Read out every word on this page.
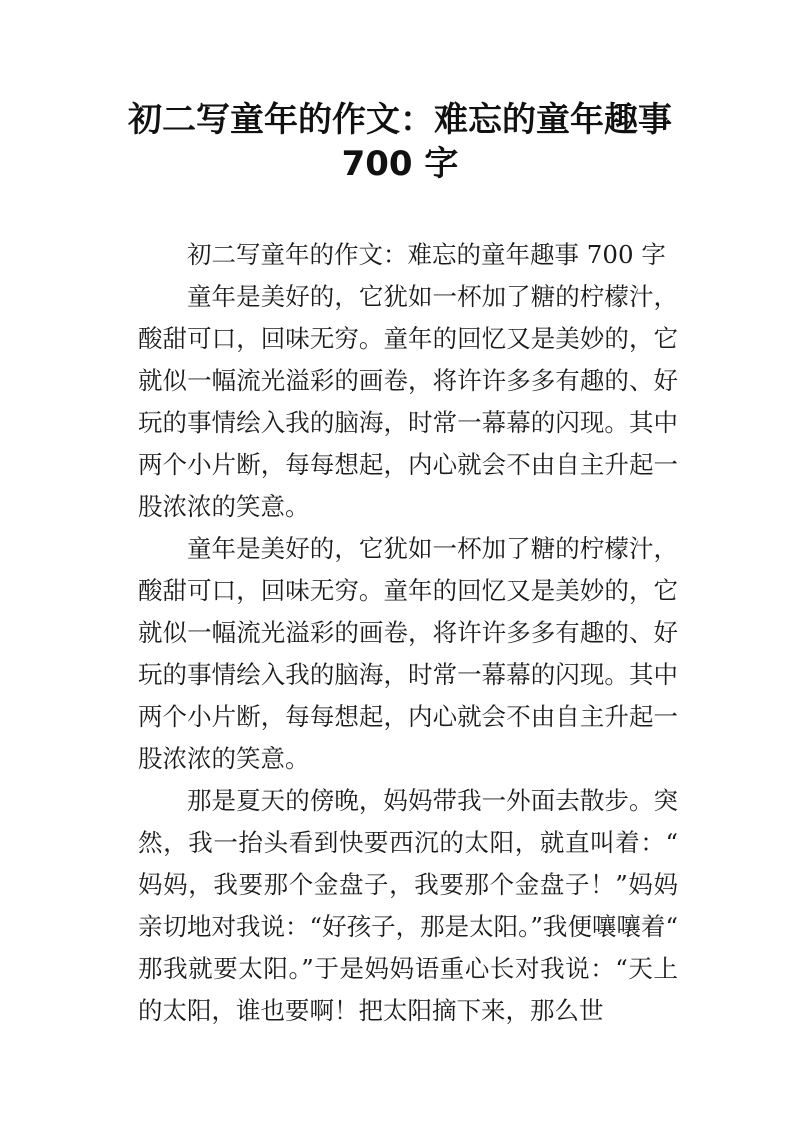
初二写童年的作文：难忘的童年趣事
700 字

初二写童年的作文：难忘的童年趣事 700 字

童年是美好的，它犹如一杯加了糖的柠檬汁，酸甜可口，回味无穷。童年的回忆又是美妙的，它就似一幅流光溢彩的画卷，将许许多多有趣的、好玩的事情绘入我的脑海，时常一幕幕的闪现。其中两个小片断，每每想起，内心就会不由自主升起一股浓浓的笑意。

童年是美好的，它犹如一杯加了糖的柠檬汁，酸甜可口，回味无穷。童年的回忆又是美妙的，它就似一幅流光溢彩的画卷，将许许多多有趣的、好玩的事情绘入我的脑海，时常一幕幕的闪现。其中两个小片断，每每想起，内心就会不由自主升起一股浓浓的笑意。

那是夏天的傍晚，妈妈带我一外面去散步。突然，我一抬头看到快要西沉的太阳，就直叫着：“妈妈，我要那个金盘子，我要那个金盘子！”妈妈亲切地对我说：“好孩子，那是太阳。”我便嚷嚷着“那我就要太阳。”于是妈妈语重心长对我说：“天上的太阳，谁也要啊！把太阳摘下来，那么世
